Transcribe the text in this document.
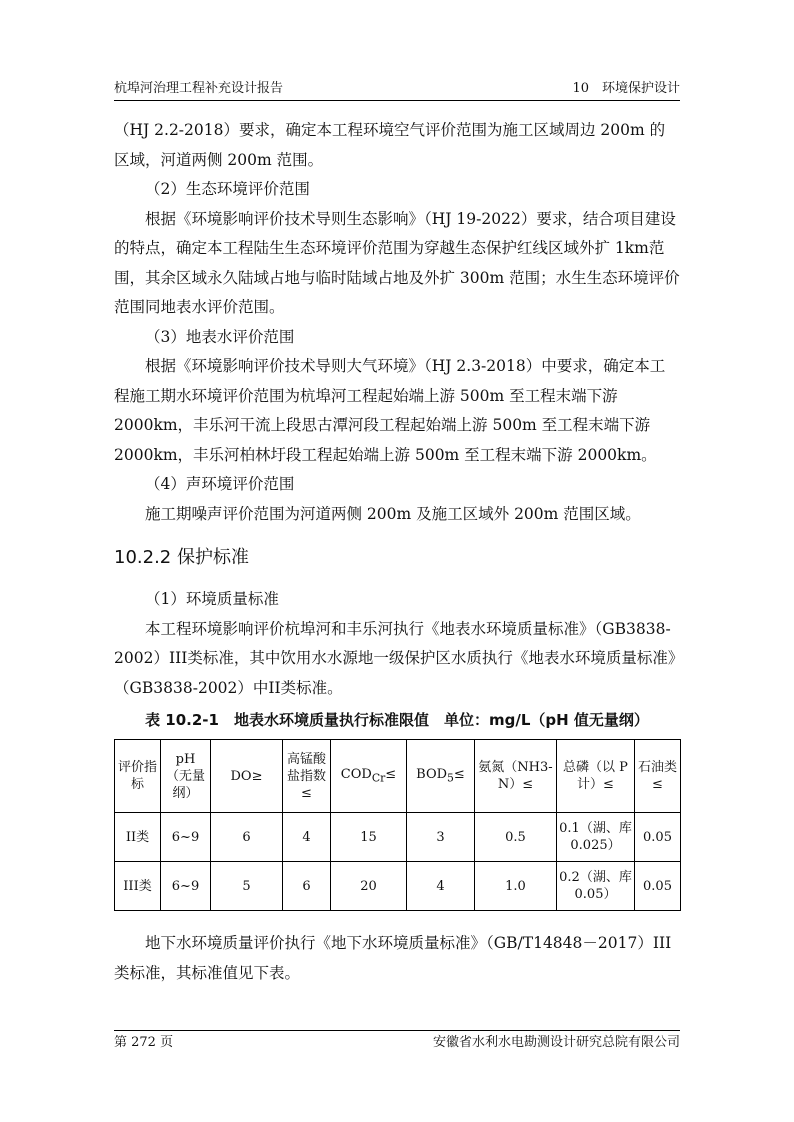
杭埠河治理工程补充设计报告	10　环境保护设计

（HJ 2.2-2018）要求，确定本工程环境空气评价范围为施工区域周边 200m 的区域，河道两侧 200m 范围。

（2）生态环境评价范围

根据《环境影响评价技术导则生态影响》（HJ 19-2022）要求，结合项目建设的特点，确定本工程陆生生态环境评价范围为穿越生态保护红线区域外扩 1km范围，其余区域永久陆域占地与临时陆域占地及外扩 300m 范围；水生生态环境评价范围同地表水评价范围。

（3）地表水评价范围

根据《环境影响评价技术导则大气环境》（HJ 2.3-2018）中要求，确定本工程施工期水环境评价范围为杭埠河工程起始端上游 500m 至工程末端下游 2000km，丰乐河干流上段思古潭河段工程起始端上游 500m 至工程末端下游 2000km，丰乐河柏林圩段工程起始端上游 500m 至工程末端下游 2000km。

（4）声环境评价范围

施工期噪声评价范围为河道两侧 200m 及施工区域外 200m 范围区域。

10.2.2 保护标准

（1）环境质量标准

本工程环境影响评价杭埠河和丰乐河执行《地表水环境质量标准》（GB3838-2002）III类标准，其中饮用水水源地一级保护区水质执行《地表水环境质量标准》（GB3838-2002）中II类标准。

表 10.2-1　地表水环境质量执行标准限值　单位：mg/L（pH 值无量纲）
评价指标	pH（无量纲）	DO≥	高锰酸盐指数≤	$COD_{Cr}\le$	$BOD_5\le$	氨氮（NH3-N）≤	总磷（以 P 计）≤	石油类≤
II类	6~9	6	4	15	3	0.5	0.1（湖、库 0.025）	0.05
III类	6~9	5	6	20	4	1.0	0.2（湖、库 0.05）	0.05

地下水环境质量评价执行《地下水环境质量标准》（GB/T14848－2017）III类标准，其标准值见下表。

第 272 页	安徽省水利水电勘测设计研究总院有限公司
